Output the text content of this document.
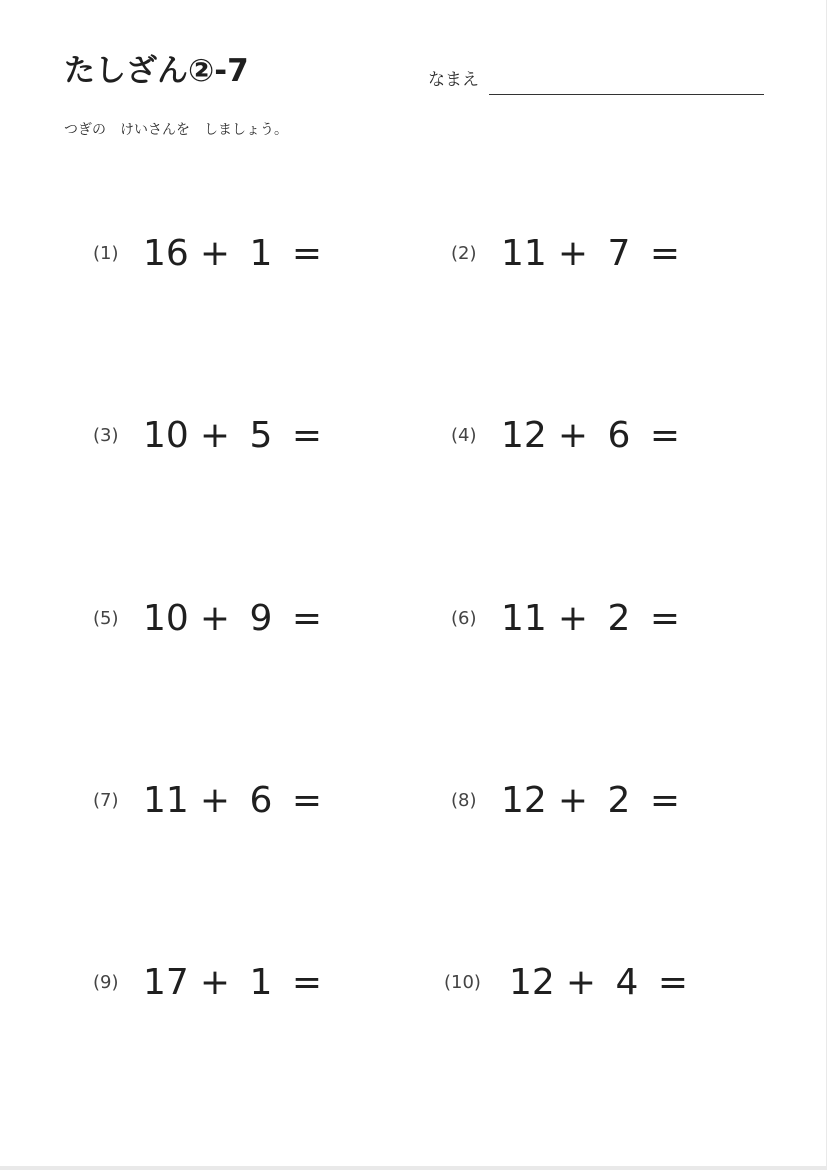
たしざん②-7	なまえ
つぎの　けいさんを　しましょう。
(1) 16 + 1 =	(2) 11 + 7 =
(3) 10 + 5 =	(4) 12 + 6 =
(5) 10 + 9 =	(6) 11 + 2 =
(7) 11 + 6 =	(8) 12 + 2 =
(9) 17 + 1 =	(10) 12 + 4 =
